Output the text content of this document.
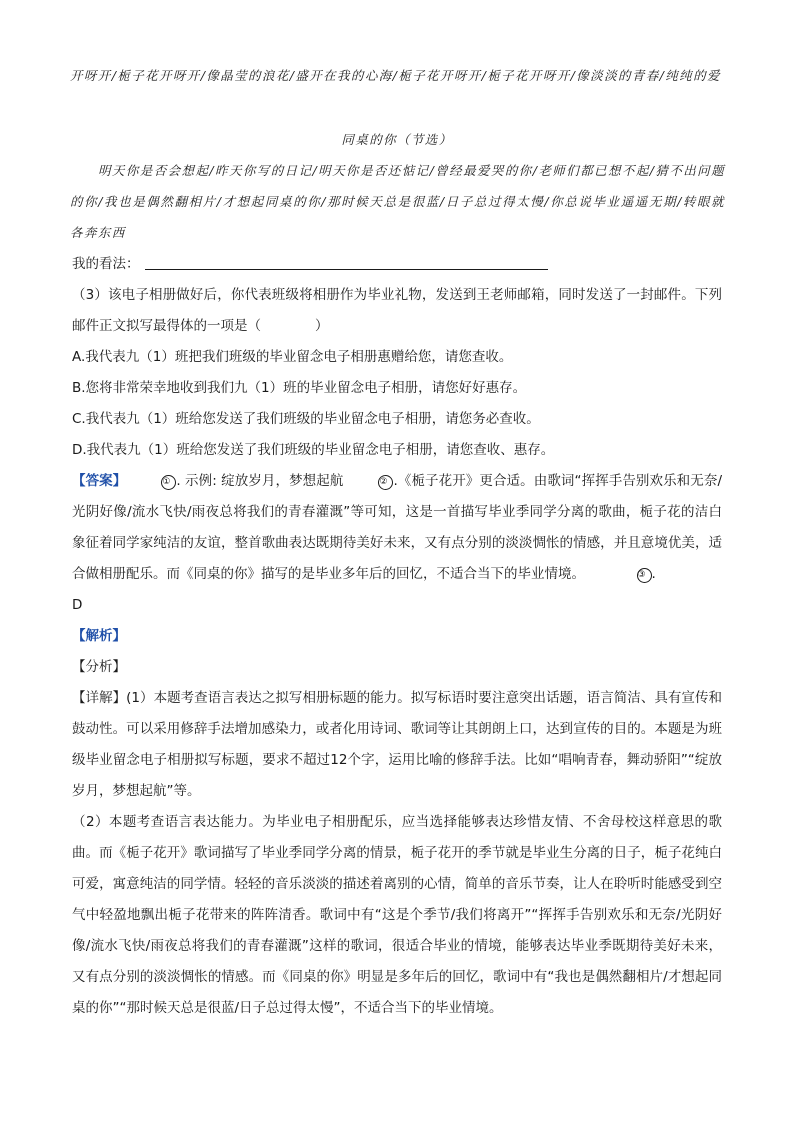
开呀开/栀子花开呀开/像晶莹的浪花/盛开在我的心海/栀子花开呀开/栀子花开呀开/像淡淡的青春/纯纯的爱
同桌的你（节选）
明天你是否会想起/昨天你写的日记/明天你是否还惦记/曾经最爱哭的你/老师们都已想不起/猜不出问题的你/我也是偶然翻相片/才想起同桌的你/那时候天总是很蓝/日子总过得太慢/你总说毕业遥遥无期/转眼就各奔东西
我的看法：
（3）该电子相册做好后，你代表班级将相册作为毕业礼物，发送到王老师邮箱，同时发送了一封邮件。下列邮件正文拟写最得体的一项是（　　　　）
A.我代表九（1）班把我们班级的毕业留念电子相册惠赠给您，请您查收。
B.您将非常荣幸地收到我们九（1）班的毕业留念电子相册，请您好好惠存。
C.我代表九（1）班给您发送了我们班级的毕业留念电子相册，请您务必查收。
D.我代表九（1）班给您发送了我们班级的毕业留念电子相册，请您查收、惠存。
【答案】	① . 示例: 绽放岁月，梦想起航	② .《栀子花开》更合适。由歌词“挥挥手告别欢乐和无奈/光阴好像/流水飞快/雨夜总将我们的青春灌溉”等可知，这是一首描写毕业季同学分离的歌曲，栀子花的洁白象征着同学家纯洁的友谊，整首歌曲表达既期待美好未来，又有点分别的淡淡惆怅的情感，并且意境优美，适合做相册配乐。而《同桌的你》描写的是毕业多年后的回忆，不适合当下的毕业情境。	③ .
D
【解析】
【分析】
【详解】(1）本题考查语言表达之拟写相册标题的能力。拟写标语时要注意突出话题，语言简洁、具有宣传和鼓动性。可以采用修辞手法增加感染力，或者化用诗词、歌词等让其朗朗上口，达到宣传的目的。本题是为班级毕业留念电子相册拟写标题，要求不超过12个字，运用比喻的修辞手法。比如“唱响青春，舞动骄阳”“绽放岁月，梦想起航”等。
（2）本题考查语言表达能力。为毕业电子相册配乐，应当选择能够表达珍惜友情、不舍母校这样意思的歌曲。而《栀子花开》歌词描写了毕业季同学分离的情景，栀子花开的季节就是毕业生分离的日子，栀子花纯白可爱，寓意纯洁的同学情。轻轻的音乐淡淡的描述着离别的心情，简单的音乐节奏，让人在聆听时能感受到空气中轻盈地飘出栀子花带来的阵阵清香。歌词中有“这是个季节/我们将离开”“挥挥手告别欢乐和无奈/光阴好像/流水飞快/雨夜总将我们的青春灌溉”这样的歌词，很适合毕业的情境，能够表达毕业季既期待美好未来，又有点分别的淡淡惆怅的情感。而《同桌的你》明显是多年后的回忆，歌词中有“我也是偶然翻相片/才想起同桌的你”“那时候天总是很蓝/日子总过得太慢”，不适合当下的毕业情境。
